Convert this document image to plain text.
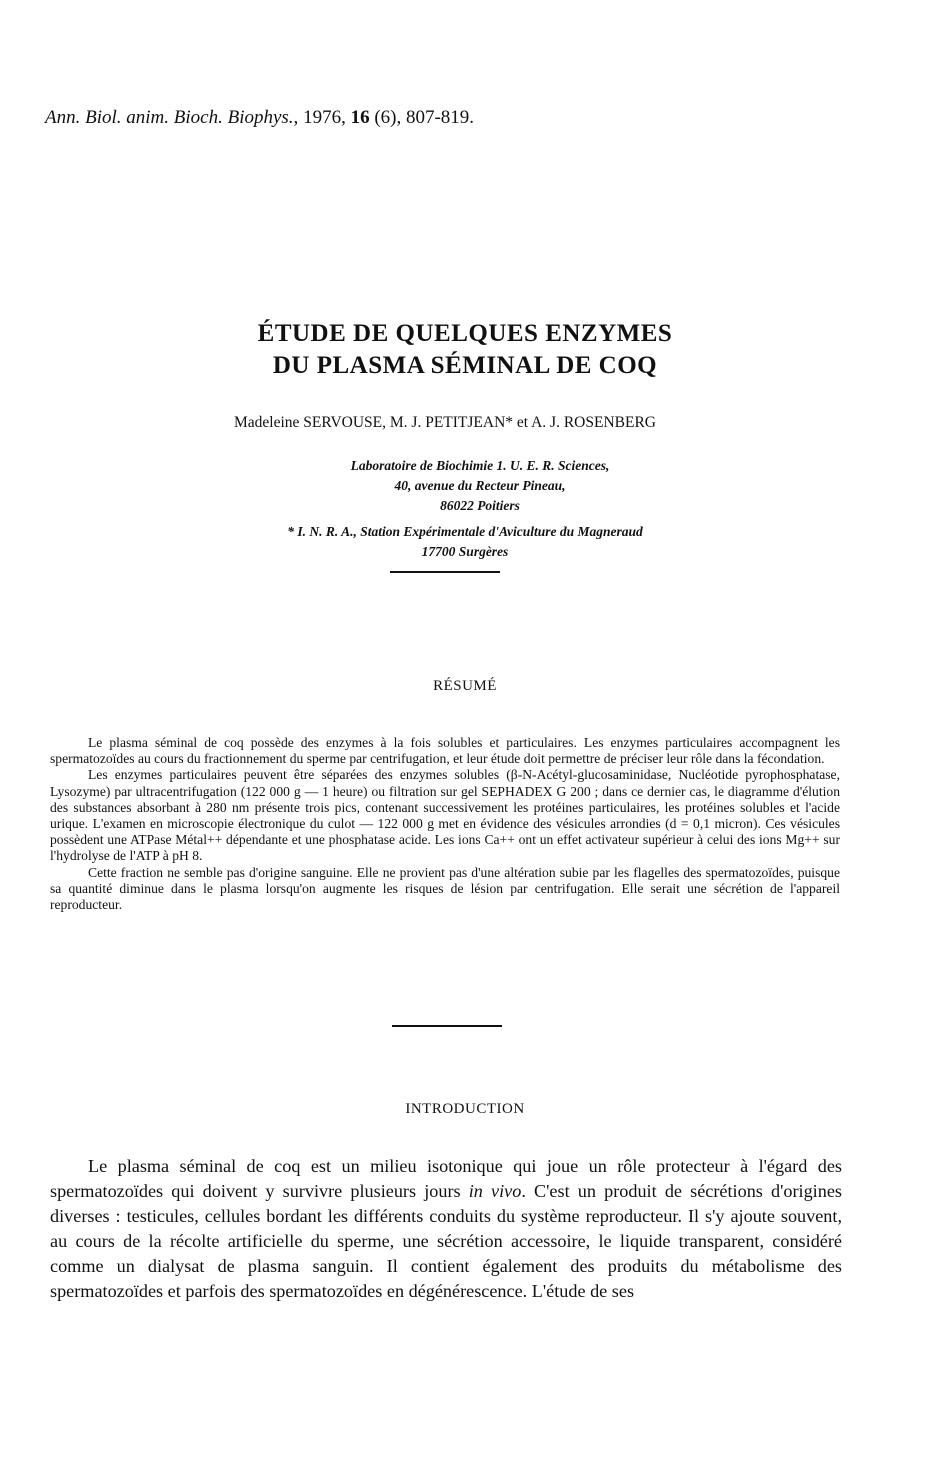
Ann. Biol. anim. Bioch. Biophys., 1976, 16 (6), 807-819.
ÉTUDE DE QUELQUES ENZYMES
DU PLASMA SÉMINAL DE COQ
Madeleine SERVOUSE, M. J. PETITJEAN* et A. J. ROSENBERG
Laboratoire de Biochimie 1. U. E. R. Sciences,
40, avenue du Recteur Pineau,
86022 Poitiers
* I. N. R. A., Station Expérimentale d'Aviculture du Magneraud
17700 Surgères
RÉSUMÉ

Le plasma séminal de coq possède des enzymes à la fois solubles et particulaires. Les enzymes particulaires accompagnent les spermatozoïdes au cours du fractionnement du sperme par centrifugation, et leur étude doit permettre de préciser leur rôle dans la fécondation.

Les enzymes particulaires peuvent être séparées des enzymes solubles (β-N-Acétyl-glucosaminidase, Nucléotide pyrophosphatase, Lysozyme) par ultracentrifugation (122 000 g — 1 heure) ou filtration sur gel SEPHADEX G 200 ; dans ce dernier cas, le diagramme d'élution des substances absorbant à 280 nm présente trois pics, contenant successivement les protéines particulaires, les protéines solubles et l'acide urique. L'examen en microscopie électronique du culot — 122 000 g met en évidence des vésicules arrondies (d = 0,1 micron). Ces vésicules possèdent une ATPase Métal++ dépendante et une phosphatase acide. Les ions Ca++ ont un effet activateur supérieur à celui des ions Mg++ sur l'hydrolyse de l'ATP à pH 8.

Cette fraction ne semble pas d'origine sanguine. Elle ne provient pas d'une altération subie par les flagelles des spermatozoïdes, puisque sa quantité diminue dans le plasma lorsqu'on augmente les risques de lésion par centrifugation. Elle serait une sécrétion de l'appareil reproducteur.

INTRODUCTION

Le plasma séminal de coq est un milieu isotonique qui joue un rôle protecteur à l'égard des spermatozoïdes qui doivent y survivre plusieurs jours in vivo. C'est un produit de sécrétions d'origines diverses : testicules, cellules bordant les différents conduits du système reproducteur. Il s'y ajoute souvent, au cours de la récolte artificielle du sperme, une sécrétion accessoire, le liquide transparent, considéré comme un dialysat de plasma sanguin. Il contient également des produits du métabolisme des spermatozoïdes et parfois des spermatozoïdes en dégénérescence. L'étude de ses
